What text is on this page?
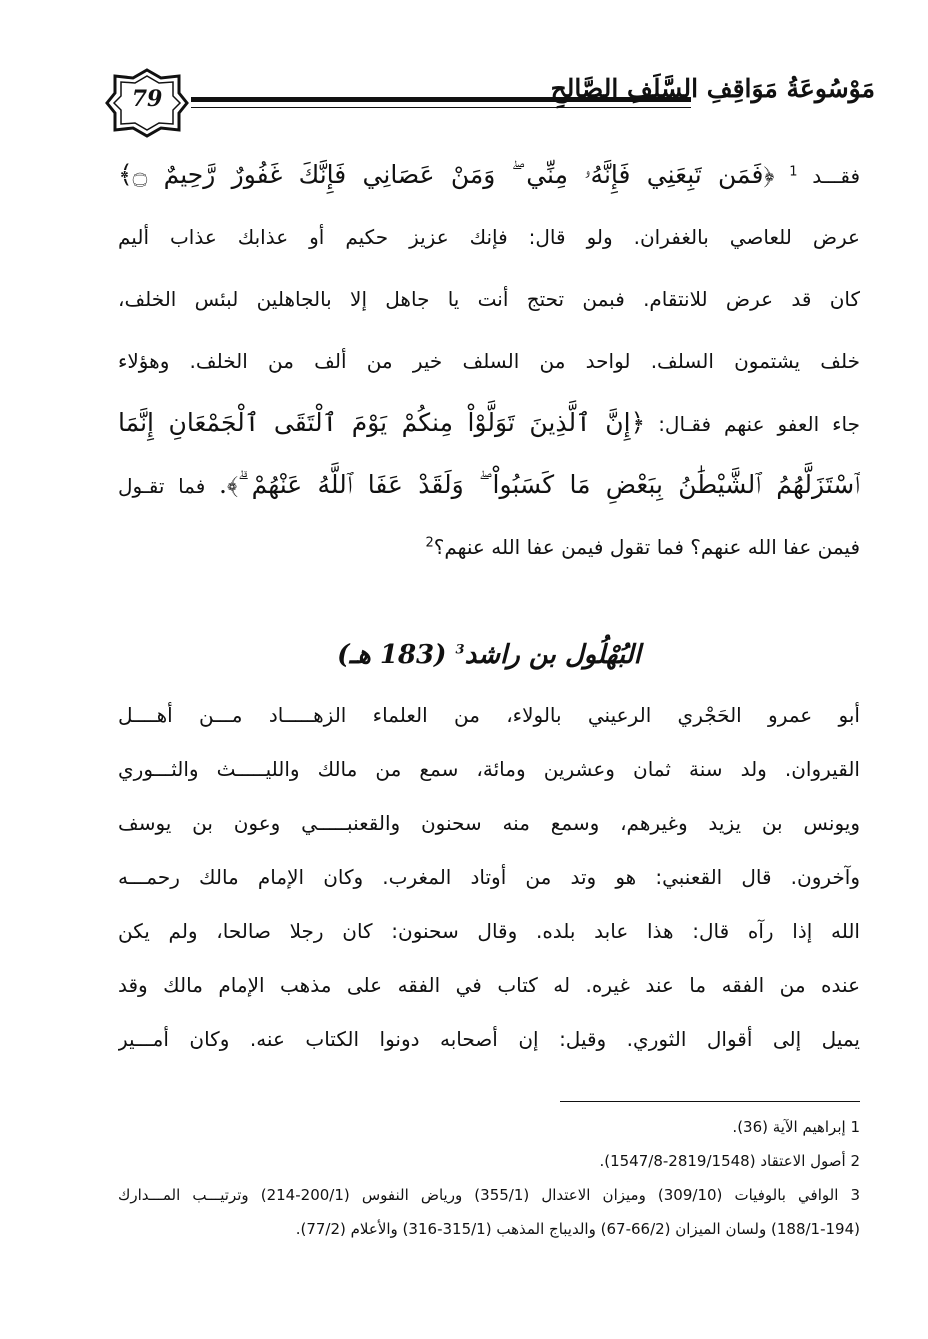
79	مَوْسُوعَةُ مَوَاقِفِ السَّلَفِ الصَّالِحِ
فقـــد $^1$ ﴿فَمَن تَبِعَنِي فَإِنَّهُۥ مِنِّي ۖ وَمَنْ عَصَانِي فَإِنَّكَ غَفُورٌ رَّحِيمٌ ۝﴾
عرض للعاصي بالغفران. ولو قال: فإنك عزيز حكيم أو عذابك عذاب أليم
كان قد عرض للانتقام. فبمن تحتج أنت يا جاهل إلا بالجاهلين لبئس الخلف،
خلف يشتمون السلف. لواحد من السلف خير من ألف من الخلف. وهؤلاء
جاء العفو عنهم فقـال: ﴿إِنَّ ٱلَّذِينَ تَوَلَّوْاْ مِنكُمْ يَوْمَ ٱلْتَقَى ٱلْجَمْعَانِ إِنَّمَا
ٱسْتَزَلَّهُمُ ٱلشَّيْطَٰنُ بِبَعْضِ مَا كَسَبُواْ ۖ وَلَقَدْ عَفَا ٱللَّهُ عَنْهُمْ ۗ﴾. فما تقـول
فيمن عفا الله عنهم؟ فما تقول فيمن عفا الله عنهم؟$^2$
البُهْلُول بن راشد$^3$ (183 هـ)
أبو عمرو الحَجْري الرعيني بالولاء، من العلماء الزهـــــاد مـــن أهــــل
القيروان. ولد سنة ثمان وعشرين ومائة، سمع من مالك والليـــــث والثـــوري
ويونس بن يزيد وغيرهم، وسمع منه سحنون والقعنبـــــي وعون بن يوسف
وآخرون. قال القعنبي: هو وتد من أوتاد المغرب. وكان الإمام مالك رحمـــه
الله إذا رآه قال: هذا عابد بلده. وقال سحنون: كان رجلا صالحا، ولم يكن
عنده من الفقه ما عند غيره. له كتاب في الفقه على مذهب الإمام مالك وقد
يميل إلى أقوال الثوري. وقيل: إن أصحابه دونوا الكتاب عنه. وكان أمـــير
1 إبراهيم الآية (36).
2 أصول الاعتقاد (2819/1548-1547/8).
3 الوافي بالوفيات (309/10) وميزان الاعتدال (355/1) ورياض النفوس (200/1-214) وترتيـــب المـــدارك
(188/1-194) ولسان الميزان (66/2-67) والديباج المذهب (315/1-316) والأعلام (77/2).
